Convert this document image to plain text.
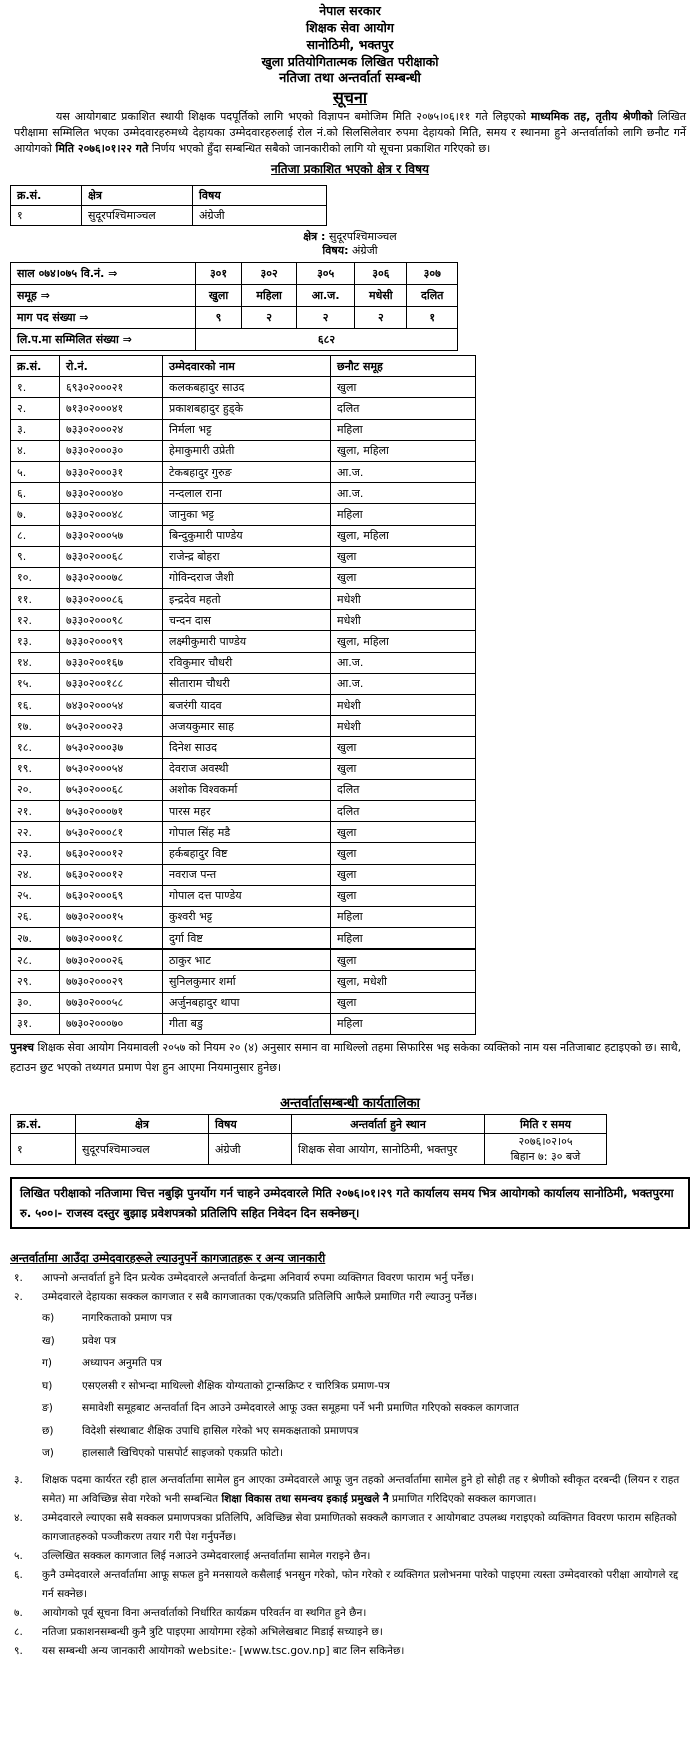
नेपाल सरकार
शिक्षक सेवा आयोग
सानोठिमी, भक्तपुर
खुला प्रतियोगितात्मक लिखित परीक्षाको
नतिजा तथा अन्तर्वार्ता सम्बन्धी
सूचना
यस आयोगबाट प्रकाशित स्थायी शिक्षक पदपूर्तिको लागि भएको विज्ञापन बमोजिम मिति २०७५।०६।११ गते लिइएको माध्यमिक तह, तृतीय श्रेणीको लिखित परीक्षामा सम्मिलित भएका उम्मेदवारहरुमध्ये देहायका उम्मेदवारहरुलाई रोल नं.को सिलसिलेवार रुपमा देहायको मिति, समय र स्थानमा हुने अन्तर्वार्ताको लागि छनौट गर्ने आयोगको मिति २०७६।०१।२२ गते निर्णय भएको हुँदा सम्बन्धित सबैको जानकारीको लागि यो सूचना प्रकाशित गरिएको छ।
नतिजा प्रकाशित भएको क्षेत्र र विषय
क्र.सं.	क्षेत्र	विषय
१	सुदूरपश्चिमाञ्चल	अंग्रेजी
क्षेत्र : सुदूरपश्चिमाञ्चल
विषय: अंग्रेजी
साल ०७४।०७५ वि.नं. ⇒	३०१	३०२	३०५	३०६	३०७
समूह ⇒	खुला	महिला	आ.ज.	मधेसी	दलित
माग पद संख्या ⇒	९	२	२	२	१
लि.प.मा सम्मिलित संख्या ⇒	६८२				
क्र.सं.	रो.नं.	उम्मेदवारको नाम	छनौट समूह
१.	६९३०२०००२१	कलकबहादुर साउद	खुला
२.	७१३०२०००४१	प्रकाशबहादुर हुड्के	दलित
३.	७३३०२०००२४	निर्मला भट्ट	महिला
४.	७३३०२०००३०	हेमाकुमारी उप्रेती	खुला, महिला
५.	७३३०२०००३१	टेकबहादुर गुरुङ	आ.ज.
६.	७३३०२०००४०	नन्दलाल राना	आ.ज.
७.	७३३०२०००४८	जानुका भट्ट	महिला
८.	७३३०२०००५७	बिन्दुकुमारी पाण्डेय	खुला, महिला
९.	७३३०२०००६८	राजेन्द्र बोहरा	खुला
१०.	७३३०२०००७८	गोविन्दराज जैशी	खुला
११.	७३३०२०००८६	इन्द्रदेव महतो	मधेशी
१२.	७३३०२०००९८	चन्दन दास	मधेशी
१३.	७३३०२०००९९	लक्ष्मीकुमारी पाण्डेय	खुला, महिला
१४.	७३३०२००१६७	रविकुमार चौधरी	आ.ज.
१५.	७३३०२००१८८	सीताराम चौधरी	आ.ज.
१६.	७४३०२०००५४	बजरंगी यादव	मधेशी
१७.	७५३०२०००२३	अजयकुमार साह	मधेशी
१८.	७५३०२०००३७	दिनेश साउद	खुला
१९.	७५३०२०००५४	देवराज अवस्थी	खुला
२०.	७५३०२०००६८	अशोक विश्वकर्मा	दलित
२१.	७५३०२०००७१	पारस महर	दलित
२२.	७५३०२०००८१	गोपाल सिंह मडै	खुला
२३.	७६३०२०००१२	हर्कबहादुर विष्ट	खुला
२४.	७६३०२०००१२	नवराज पन्त	खुला
२५.	७६३०२०००६९	गोपाल दत्त पाण्डेय	खुला
२६.	७७३०२०००१५	कुश्वरी भट्ट	महिला
२७.	७७३०२०००१८	दुर्गा विष्ट	महिला
२८.	७७३०२०००२६	ठाकुर भाट	खुला
२९.	७७३०२०००२९	सुनिलकुमार शर्मा	खुला, मधेशी
३०.	७७३०२०००५८	अर्जुनबहादुर थापा	खुला
३१.	७७३०२०००७०	गीता बडु	महिला
पुनश्च शिक्षक सेवा आयोग नियमावली २०५७ को नियम २० (४) अनुसार समान वा माथिल्लो तहमा सिफारिस भइ सकेका व्यक्तिको नाम यस नतिजाबाट हटाइएको छ। साथै, हटाउन छुट भएको तथ्यगत प्रमाण पेश हुन आएमा नियमानुसार हुनेछ।
अन्तर्वार्तासम्बन्धी कार्यतालिका
क्र.सं.	क्षेत्र	विषय	अन्तर्वार्ता हुने स्थान	मिति र समय
१	सुदूरपश्चिमाञ्चल	अंग्रेजी	शिक्षक सेवा आयोग, सानोठिमी, भक्तपुर	२०७६।०२।०५
बिहान ७: ३० बजे
लिखित परीक्षाको नतिजामा चित्त नबुझि पुनर्योग गर्न चाहने उम्मेदवारले मिति २०७६।०१।२९ गते कार्यालय समय भित्र आयोगको कार्यालय सानोठिमी, भक्तपुरमा रु. ५००।- राजस्व दस्तुर बुझाइ प्रवेशपत्रको प्रतिलिपि सहित निवेदन दिन सक्नेछन्।
अन्तर्वार्तामा आउँदा उम्मेदवारहरूले ल्याउनुपर्ने कागजातहरू र अन्य जानकारी
१.	आफ्नो अन्तर्वार्ता हुने दिन प्रत्येक उम्मेदवारले अन्तर्वार्ता केन्द्रमा अनिवार्य रुपमा व्यक्तिगत विवरण फाराम भर्नु पर्नेछ।
२.	उम्मेदवारले देहायका सक्कल कागजात र सबै कागजातका एक/एकप्रति प्रतिलिपि आफैले प्रमाणित गरी ल्याउनु पर्नेछ।
क)	नागरिकताको प्रमाण पत्र
ख)	प्रवेश पत्र
ग)	अध्यापन अनुमति पत्र
घ)	एसएलसी र सोभन्दा माथिल्लो शैक्षिक योग्यताको ट्रान्सक्रिप्ट र चारित्रिक प्रमाण-पत्र
ङ)	समावेशी समूहबाट अन्तर्वार्ता दिन आउने उम्मेदवारले आफू उक्त समूहमा पर्ने भनी प्रमाणित गरिएको सक्कल कागजात
छ)	विदेशी संस्थाबाट शैक्षिक उपाधि हासिल गरेको भए समकक्षताको प्रमाणपत्र
ज)	हालसालै खिचिएको पासपोर्ट साइजको एकप्रति फोटो।
३.	शिक्षक पदमा कार्यरत रही हाल अन्तर्वार्तामा सामेल हुन आएका उम्मेदवारले आफू जुन तहको अन्तर्वार्तामा सामेल हुने हो सोही तह र श्रेणीको स्वीकृत दरबन्दी (लियन र राहत समेत) मा अविच्छिन्न सेवा गरेको भनी सम्बन्धित शिक्षा विकास तथा समन्वय इकाई प्रमुखले नै प्रमाणित गरिदिएको सक्कल कागजात।
४.	उम्मेदवारले ल्याएका सबै सक्कल प्रमाणपत्रका प्रतिलिपि, अविच्छिन्न सेवा प्रमाणितको सक्कलै कागजात र आयोगबाट उपलब्ध गराइएको व्यक्तिगत विवरण फाराम सहितको कागजातहरुको पञ्जीकरण तयार गरी पेश गर्नुपर्नेछ।
५.	उल्लिखित सक्कल कागजात लिई नआउने उम्मेदवारलाई अन्तर्वार्तामा सामेल गराइने छैन।
६.	कुनै उम्मेदवारले अन्तर्वार्तामा आफू सफल हुने मनसायले कसैलाई भनसुन गरेको, फोन गरेको र व्यक्तिगत प्रलोभनमा पारेको पाइएमा त्यस्ता उम्मेदवारको परीक्षा आयोगले रद्द गर्न सक्नेछ।
७.	आयोगको पूर्व सूचना विना अन्तर्वार्ताको निर्धारित कार्यक्रम परिवर्तन वा स्थगित हुने छैन।
८.	नतिजा प्रकाशनसम्बन्धी कुनै त्रुटि पाइएमा आयोगमा रहेको अभिलेखबाट मिडाई सच्याइने छ।
९.	यस सम्बन्धी अन्य जानकारी आयोगको website:- [www.tsc.gov.np] बाट लिन सकिनेछ।
